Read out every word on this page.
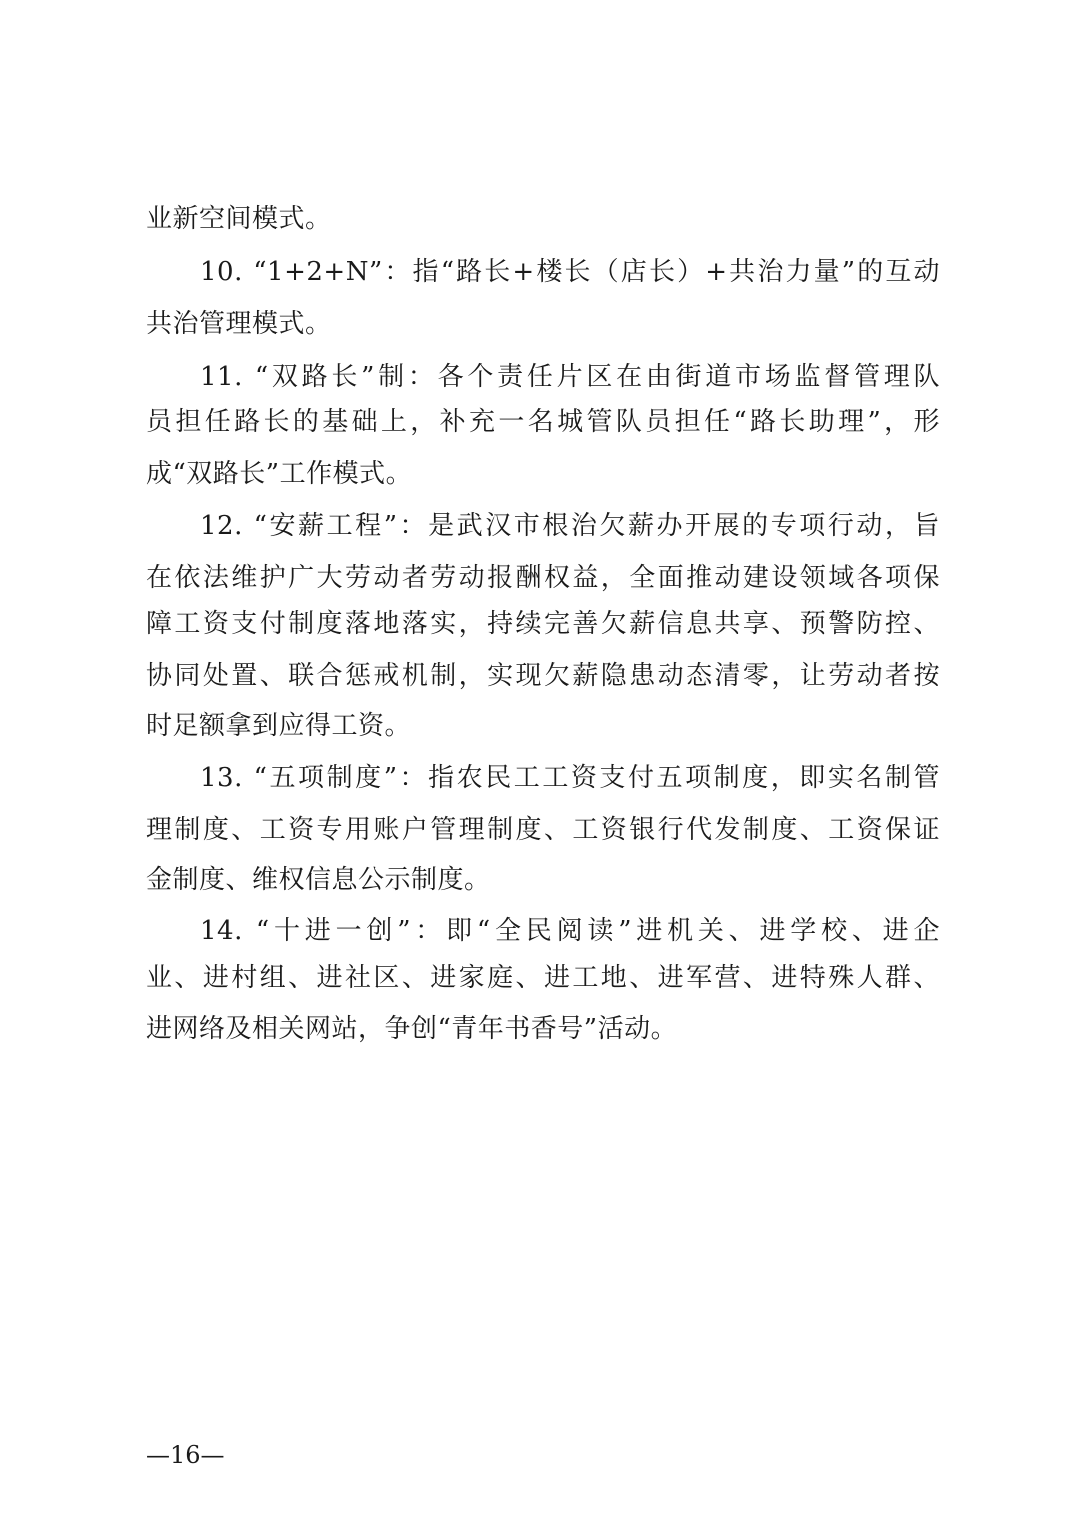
业新空间模式。
10. “1+2+N”：指“路长+楼长（店长）+共治力量”的互动
共治管理模式。
11. “双路长”制：各个责任片区在由街道市场监督管理队
员担任路长的基础上，补充一名城管队员担任“路长助理”，形
成“双路长”工作模式。
12. “安薪工程”：是武汉市根治欠薪办开展的专项行动，旨
在依法维护广大劳动者劳动报酬权益，全面推动建设领域各项保
障工资支付制度落地落实，持续完善欠薪信息共享、预警防控、
协同处置、联合惩戒机制，实现欠薪隐患动态清零，让劳动者按
时足额拿到应得工资。
13. “五项制度”：指农民工工资支付五项制度，即实名制管
理制度、工资专用账户管理制度、工资银行代发制度、工资保证
金制度、维权信息公示制度。
14. “十进一创”：即“全民阅读”进机关、进学校、进企
业、进村组、进社区、进家庭、进工地、进军营、进特殊人群、
进网络及相关网站，争创“青年书香号”活动。
—16—
